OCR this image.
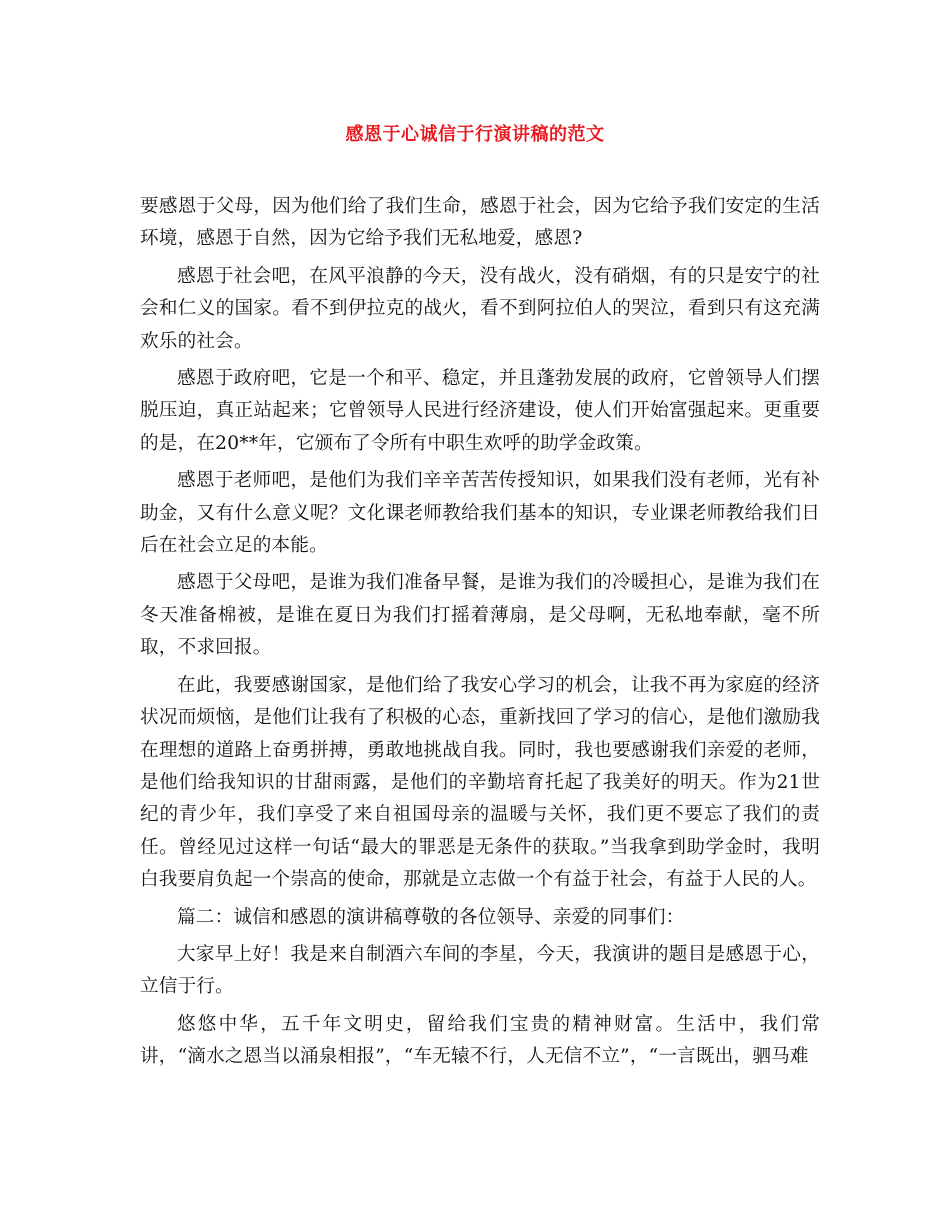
感恩于心诚信于行演讲稿的范文

要感恩于父母，因为他们给了我们生命，感恩于社会，因为它给予我们安定的生活环境，感恩于自然，因为它给予我们无私地爱，感恩?

感恩于社会吧，在风平浪静的今天，没有战火，没有硝烟，有的只是安宁的社会和仁义的国家。看不到伊拉克的战火，看不到阿拉伯人的哭泣，看到只有这充满欢乐的社会。

感恩于政府吧，它是一个和平、稳定，并且蓬勃发展的政府，它曾领导人们摆脱压迫，真正站起来；它曾领导人民进行经济建设，使人们开始富强起来。更重要的是，在20**年，它颁布了令所有中职生欢呼的助学金政策。

感恩于老师吧，是他们为我们辛辛苦苦传授知识，如果我们没有老师，光有补助金，又有什么意义呢？文化课老师教给我们基本的知识，专业课老师教给我们日后在社会立足的本能。

感恩于父母吧，是谁为我们准备早餐，是谁为我们的冷暖担心，是谁为我们在冬天准备棉被，是谁在夏日为我们打摇着薄扇，是父母啊，无私地奉献，毫不所取，不求回报。

在此，我要感谢国家，是他们给了我安心学习的机会，让我不再为家庭的经济状况而烦恼，是他们让我有了积极的心态，重新找回了学习的信心，是他们激励我在理想的道路上奋勇拼搏，勇敢地挑战自我。同时，我也要感谢我们亲爱的老师，是他们给我知识的甘甜雨露，是他们的辛勤培育托起了我美好的明天。作为21世纪的青少年，我们享受了来自祖国母亲的温暖与关怀，我们更不要忘了我们的责任。曾经见过这样一句话“最大的罪恶是无条件的获取。”当我拿到助学金时，我明白我要肩负起一个崇高的使命，那就是立志做一个有益于社会，有益于人民的人。

篇二：诚信和感恩的演讲稿尊敬的各位领导、亲爱的同事们：

大家早上好！我是来自制酒六车间的李星，今天，我演讲的题目是感恩于心，立信于行。

悠悠中华，五千年文明史，留给我们宝贵的精神财富。生活中，我们常讲，“滴水之恩当以涌泉相报”，“车无辕不行，人无信不立”，“一言既出，驷马难
